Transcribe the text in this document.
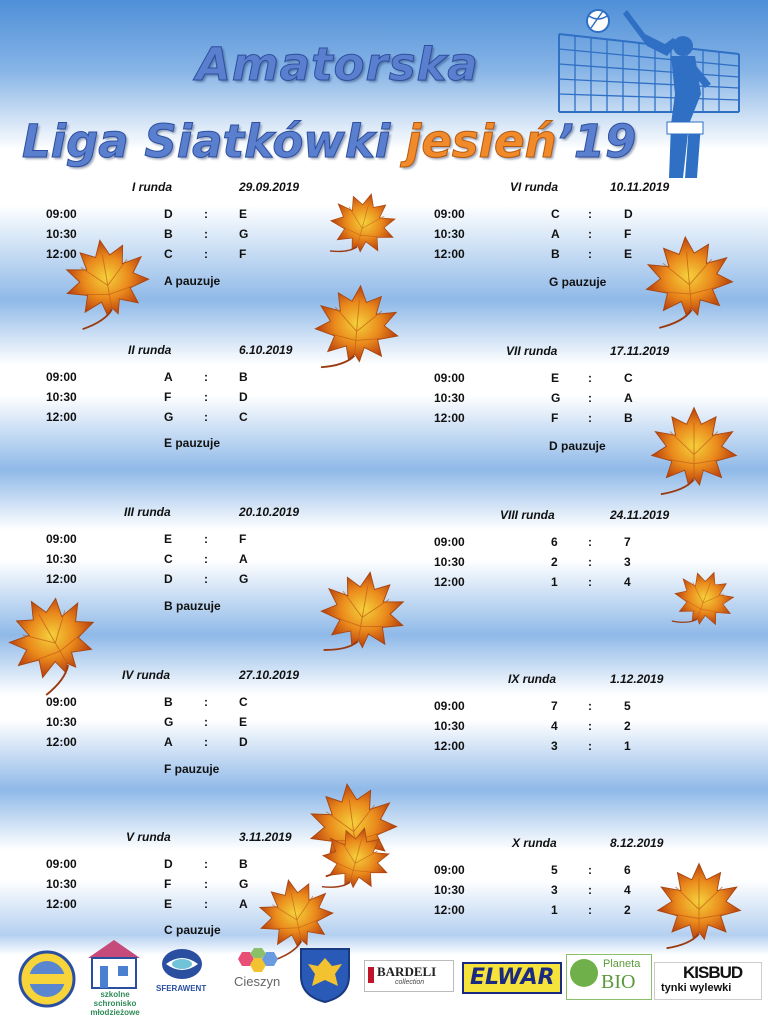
Amatorska
Liga Siatkówki jesień’19
I runda	29.09.2019
09:00	D	:	E
10:30	B	:	G
12:00	C	:	F
A pauzuje
II runda	6.10.2019
09:00	A	:	B
10:30	F	:	D
12:00	G	:	C
E pauzuje
III runda	20.10.2019
09:00	E	:	F
10:30	C	:	A
12:00	D	:	G
B pauzuje
IV runda	27.10.2019
09:00	B	:	C
10:30	G	:	E
12:00	A	:	D
F pauzuje
V runda	3.11.2019
09:00	D	:	B
10:30	F	:	G
12:00	E	:	A
C pauzuje
VI runda	10.11.2019
09:00	C :	D
10:30	A :	F
12:00	B :	E
G pauzuje
VII runda	17.11.2019
09:00	E :	C
10:30	G :	A
12:00	F :	B
D pauzuje
VIII runda	24.11.2019
09:00	6	:	7
10:30	2	:	3
12:00	1	:	4
IX runda	1.12.2019
09:00	7	:	5
10:30	4	:	2
12:00	3	:	1
X runda	8.12.2019
09:00	5	:	6
10:30	3	:	4
12:00	1	:	2
szkolne schronisko młodzieżowe
SFERAWENT Cieszyn
BARDELI
collection ELWAR
Planeta
BIO	KISBUD
tynki wylewki
